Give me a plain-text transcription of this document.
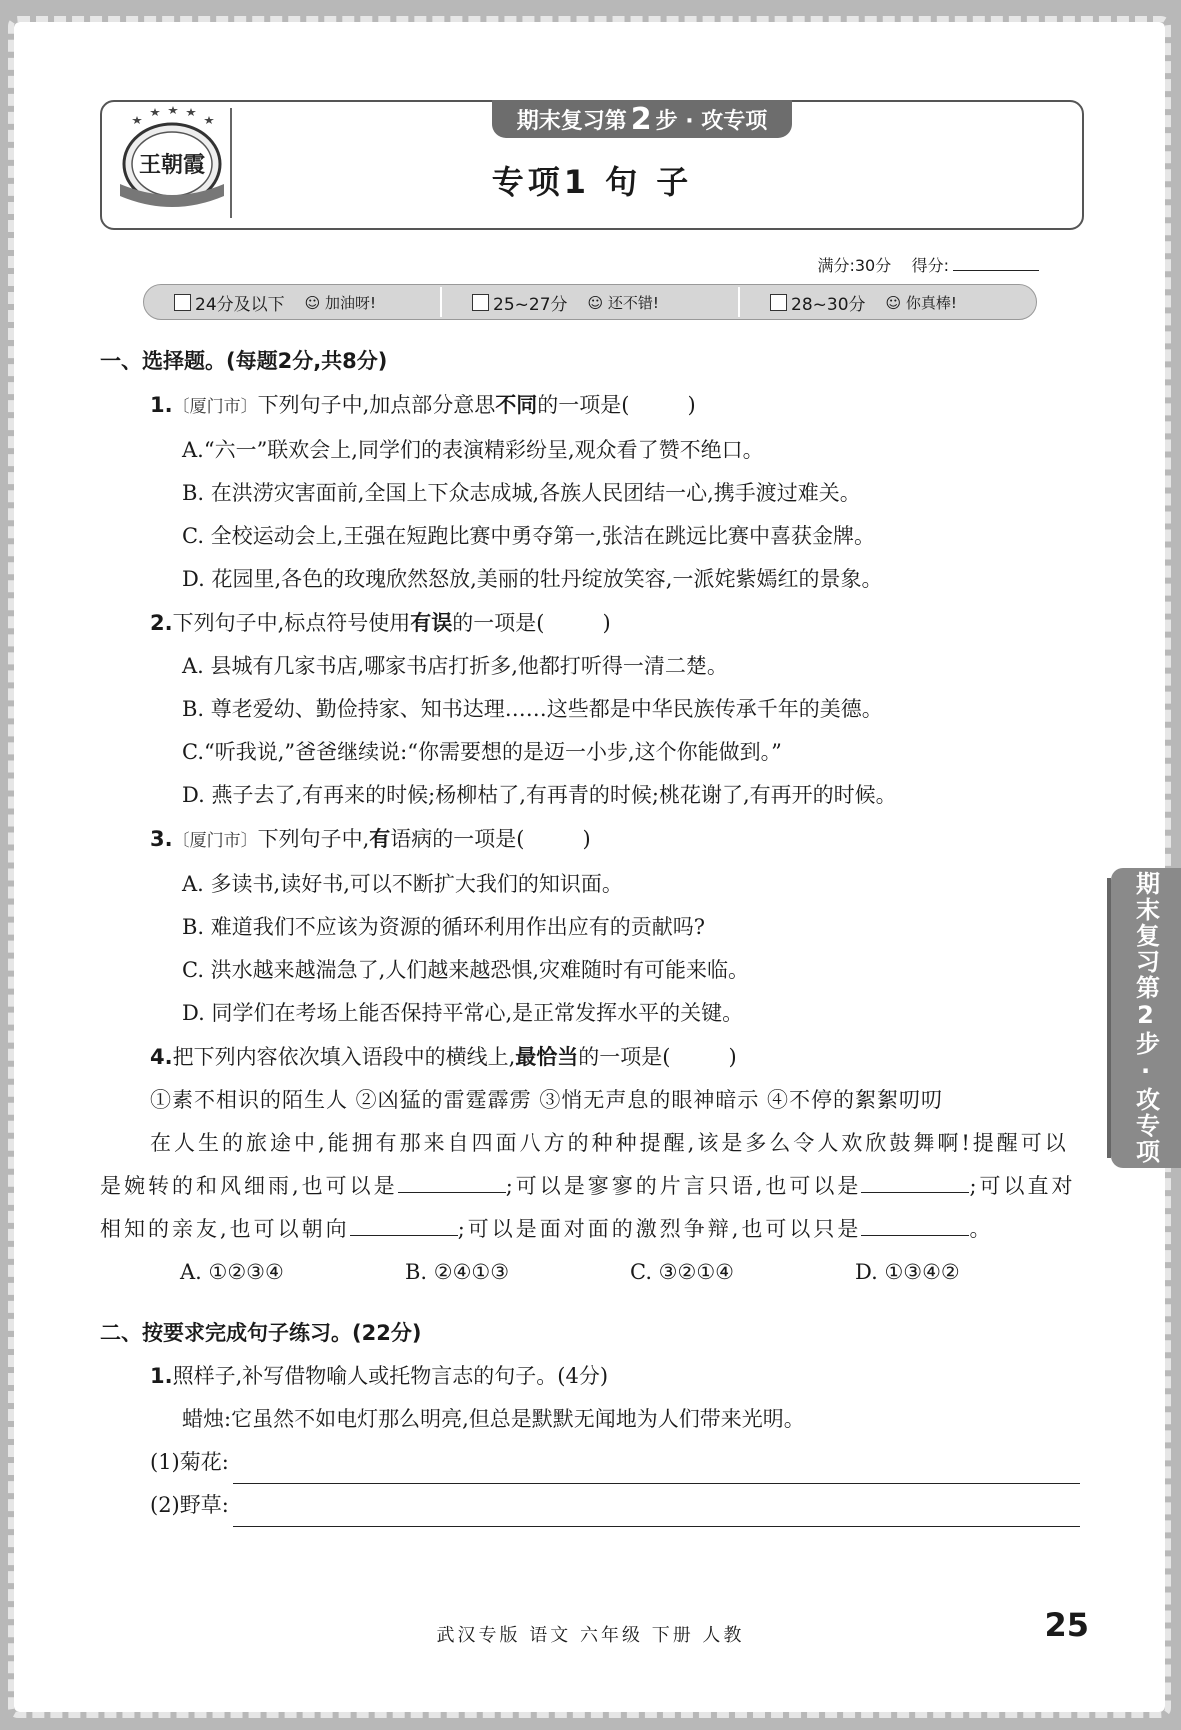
王朝霞
期末复习第 2 步 · 攻专项
专项1 句 子
满分:30分 得分:
24分及以下 ☺ 加油呀!	25~27分 ☺ 还不错!	28~30分 ☺ 你真棒!
一、选择题。(每题2分,共8分)
1.〔厦门市〕下列句子中,加点部分意思不同的一项是(	)
A.“六一”联欢会上,同学们的表演精彩纷呈,观众看了赞不绝口。
B. 在洪涝灾害面前,全国上下众志成城,各族人民团结一心,携手渡过难关。
C. 全校运动会上,王强在短跑比赛中勇夺第一,张洁在跳远比赛中喜获金牌。
D. 花园里,各色的玫瑰欣然怒放,美丽的牡丹绽放笑容,一派姹紫嫣红的景象。
2.下列句子中,标点符号使用有误的一项是(	)
A. 县城有几家书店,哪家书店打折多,他都打听得一清二楚。
B. 尊老爱幼、勤俭持家、知书达理……这些都是中华民族传承千年的美德。
C.“听我说,”爸爸继续说:“你需要想的是迈一小步,这个你能做到。”
D. 燕子去了,有再来的时候;杨柳枯了,有再青的时候;桃花谢了,有再开的时候。
3.〔厦门市〕下列句子中,有语病的一项是(	)
A. 多读书,读好书,可以不断扩大我们的知识面。
B. 难道我们不应该为资源的循环利用作出应有的贡献吗?
C. 洪水越来越湍急了,人们越来越恐惧,灾难随时有可能来临。
D. 同学们在考场上能否保持平常心,是正常发挥水平的关键。
4.把下列内容依次填入语段中的横线上,最恰当的一项是(	)
①素不相识的陌生人 ②凶猛的雷霆霹雳 ③悄无声息的眼神暗示 ④不停的絮絮叨叨
在人生的旅途中,能拥有那来自四面八方的种种提醒,该是多么令人欢欣鼓舞啊!提醒可以是婉转的和风细雨,也可以是	;可以是寥寥的片言只语,也可以是	;可以直对相知的亲友,也可以朝向	;可以是面对面的激烈争辩,也可以只是	。
A. ①②③④	B. ②④①③	C. ③②①④	D. ①③④②
二、按要求完成句子练习。(22分)
1.照样子,补写借物喻人或托物言志的句子。(4分)
蜡烛:它虽然不如电灯那么明亮,但总是默默无闻地为人们带来光明。
(1)菊花:
(2)野草:
期末复习第2步·攻专项
武汉专版 语文 六年级 下册 人教	25
